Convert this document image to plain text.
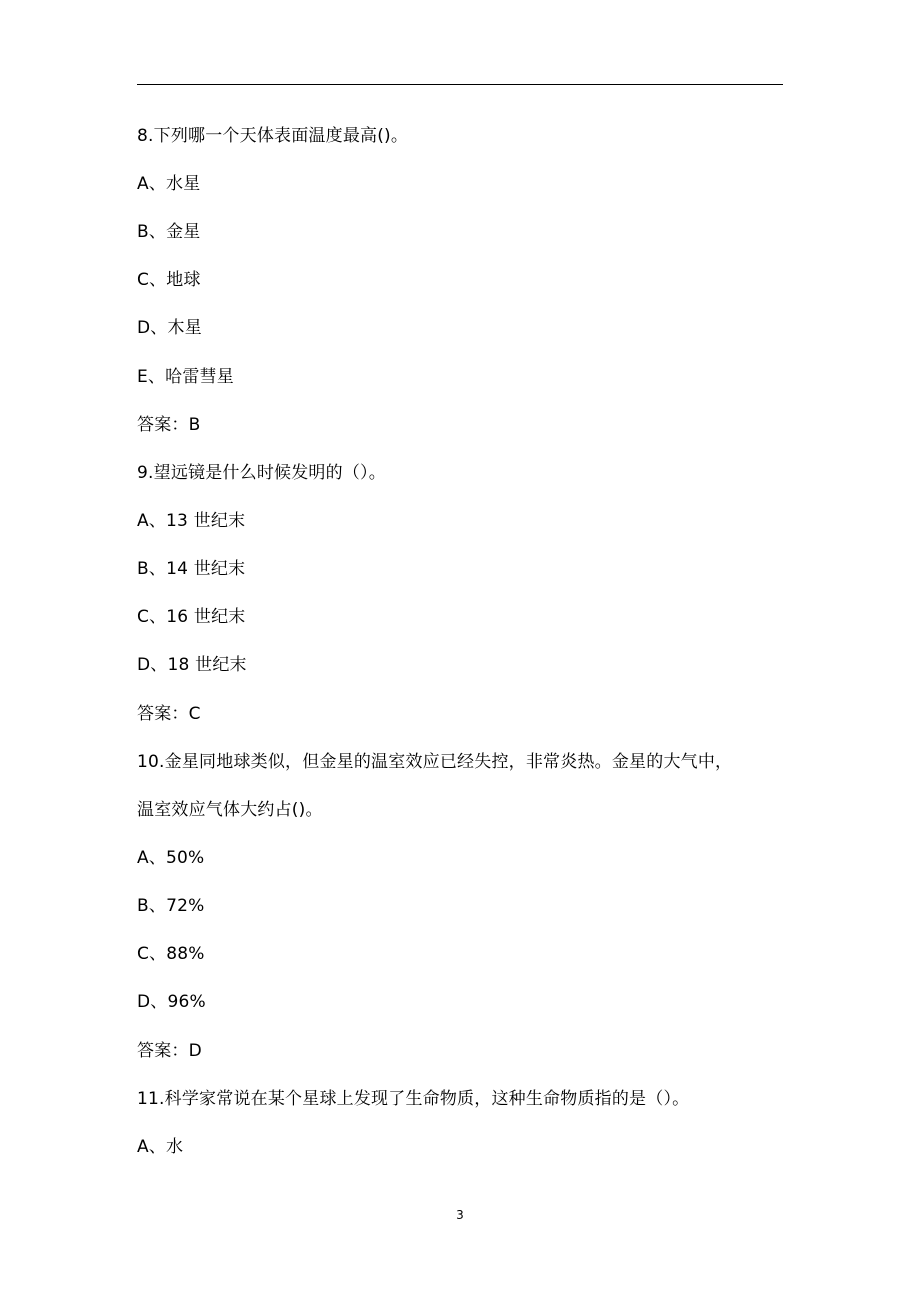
8.下列哪一个天体表面温度最高()。
A、水星
B、金星
C、地球
D、木星
E、哈雷彗星
答案：B
9.望远镜是什么时候发明的（）。
A、13 世纪末
B、14 世纪末
C、16 世纪末
D、18 世纪末
答案：C
10.金星同地球类似，但金星的温室效应已经失控，非常炎热。金星的大气中，
温室效应气体大约占()。
A、50%
B、72%
C、88%
D、96%
答案：D
11.科学家常说在某个星球上发现了生命物质，这种生命物质指的是（）。
A、水
3
